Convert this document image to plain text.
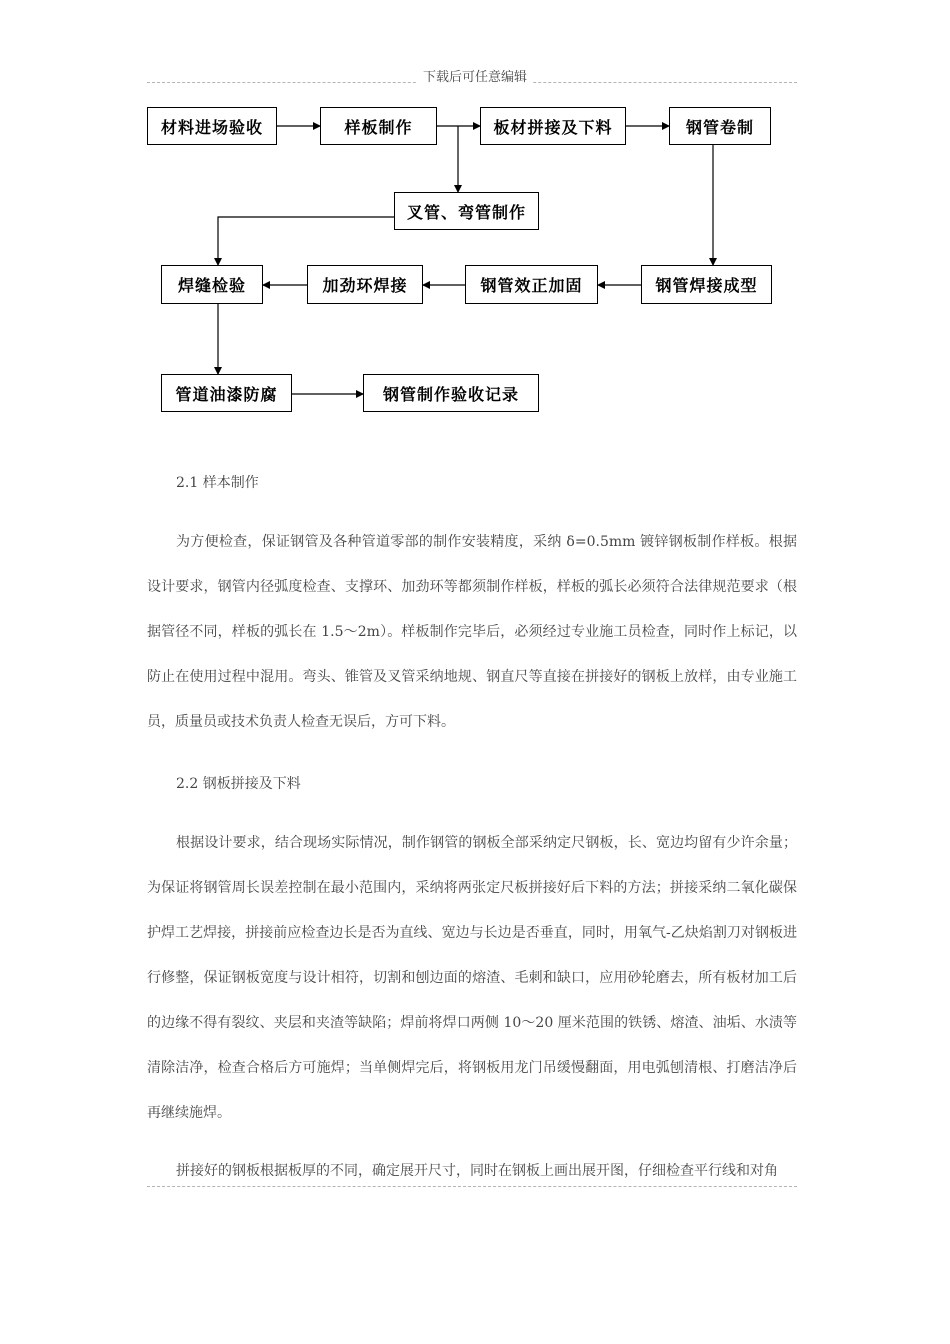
下载后可任意编辑
材料进场验收	样板制作	板材拼接及下料	钢管卷制
叉管、弯管制作
焊缝检验	加劲环焊接	钢管效正加固	钢管焊接成型
管道油漆防腐	钢管制作验收记录
2.1 样本制作
为方便检查，保证钢管及各种管道零部的制作安装精度，采纳 δ=0.5mm 镀锌钢板制作样板。根据设计要求，钢管内径弧度检查、支撑环、加劲环等都须制作样板，样板的弧长必须符合法律规范要求（根据管径不同，样板的弧长在 1.5～2m）。样板制作完毕后，必须经过专业施工员检查，同时作上标记，以防止在使用过程中混用。弯头、锥管及叉管采纳地规、钢直尺等直接在拼接好的钢板上放样，由专业施工员，质量员或技术负责人检查无误后，方可下料。
2.2 钢板拼接及下料
根据设计要求，结合现场实际情况，制作钢管的钢板全部采纳定尺钢板，长、宽边均留有少许余量；为保证将钢管周长误差控制在最小范围内，采纳将两张定尺板拼接好后下料的方法；拼接采纳二氧化碳保护焊工艺焊接，拼接前应检查边长是否为直线、宽边与长边是否垂直，同时，用氧气-乙炔焰割刀对钢板进行修整，保证钢板宽度与设计相符，切割和刨边面的熔渣、毛刺和缺口，应用砂轮磨去，所有板材加工后的边缘不得有裂纹、夹层和夹渣等缺陷；焊前将焊口两侧 10～20 厘米范围的铁锈、熔渣、油垢、水渍等清除洁净，检查合格后方可施焊；当单侧焊完后，将钢板用龙门吊缓慢翻面，用电弧刨清根、打磨洁净后再继续施焊。
拼接好的钢板根据板厚的不同，确定展开尺寸，同时在钢板上画出展开图，仔细检查平行线和对角
